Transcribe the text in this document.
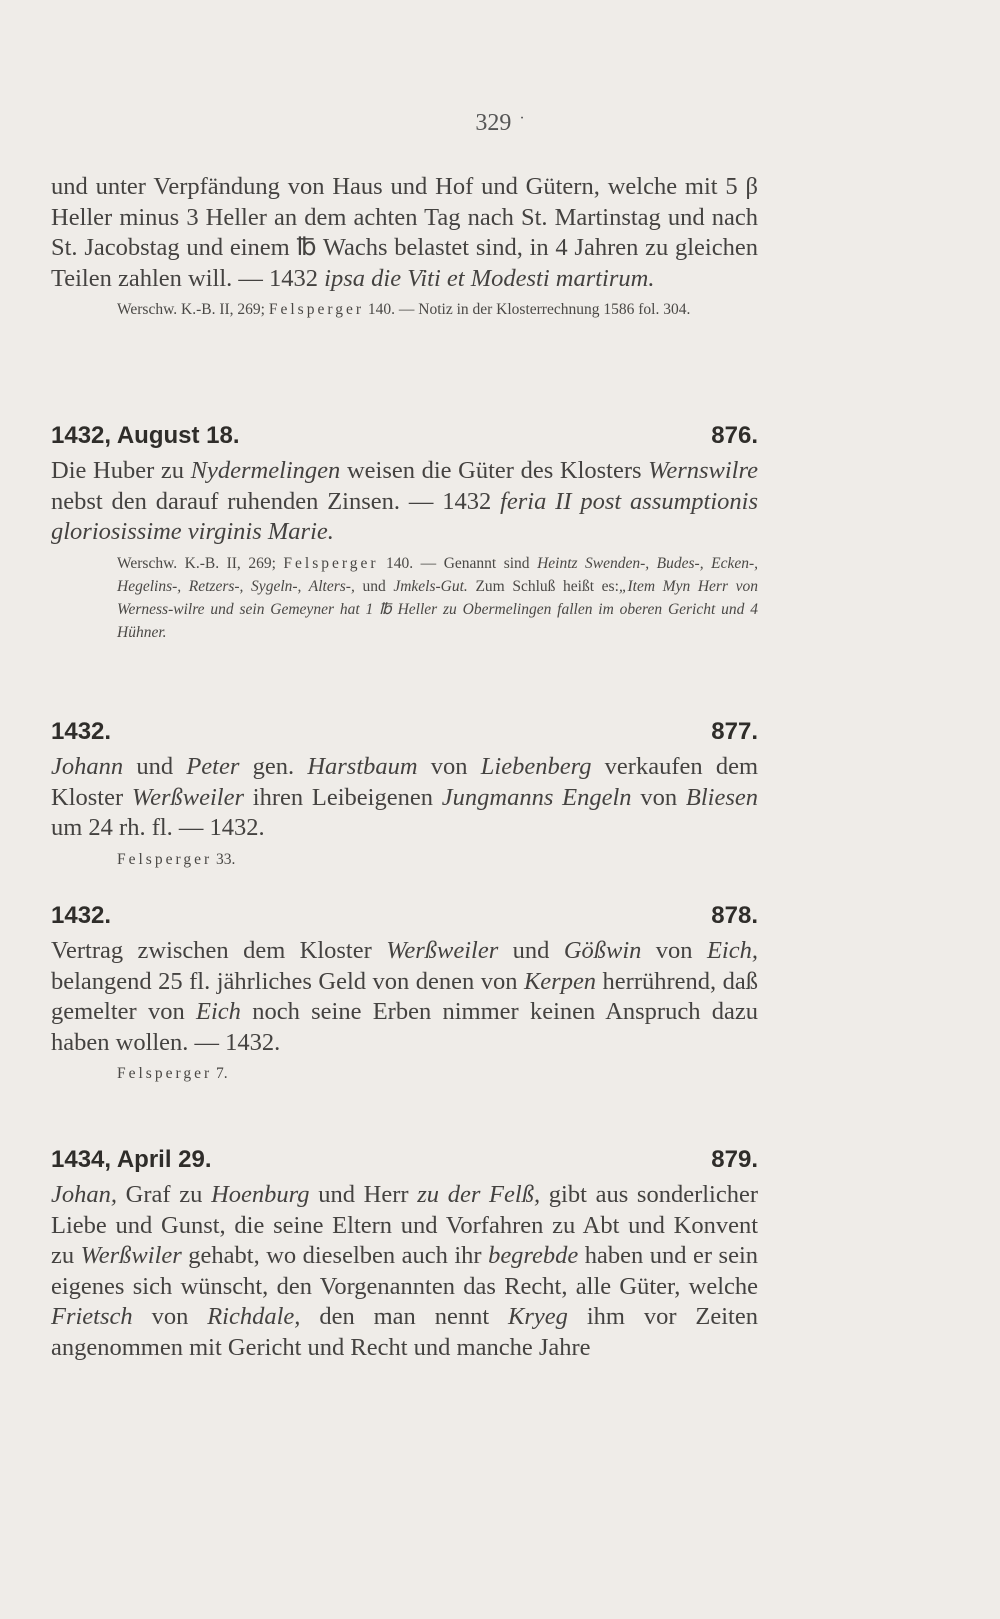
329 ·

und unter Verpfändung von Haus und Hof und Gütern, welche mit 5 β Heller minus 3 Heller an dem achten Tag nach St. Martinstag und nach St. Jacobstag und einem ℔ Wachs belastet sind, in 4 Jahren zu gleichen Teilen zahlen will. — 1432 ipsa die Viti et Modesti martirum.

Werschw. K.-B. II, 269; Felsperger 140. — Notiz in der Klosterrechnung 1586 fol. 304.

1432, August 18.	876.

Die Huber zu Nydermelingen weisen die Güter des Klosters Wernswilre nebst den darauf ruhenden Zinsen. — 1432 feria II post assumptionis gloriosissime virginis Marie.

Werschw. K.-B. II, 269; Felsperger 140. — Genannt sind Heintz Swenden-, Budes-, Ecken-, Hegelins-, Retzers-, Sygeln-, Alters-, und Jmkels-Gut. Zum Schluß heißt es:„Item Myn Herr von Werness-wilre und sein Gemeyner hat 1 ℔ Heller zu Obermelingen fallen im oberen Gericht und 4 Hühner.

1432.	877.

Johann und Peter gen. Harstbaum von Liebenberg verkaufen dem Kloster Werßweiler ihren Leibeigenen Jungmanns Engeln von Bliesen um 24 rh. fl. — 1432.

Felsperger 33.

1432.	878.

Vertrag zwischen dem Kloster Werßweiler und Gößwin von Eich, belangend 25 fl. jährliches Geld von denen von Kerpen herrührend, daß gemelter von Eich noch seine Erben nimmer keinen Anspruch dazu haben wollen. — 1432.

Felsperger 7.

1434, April 29.	879.

Johan, Graf zu Hoenburg und Herr zu der Felß, gibt aus sonderlicher Liebe und Gunst, die seine Eltern und Vorfahren zu Abt und Konvent zu Werßwiler gehabt, wo dieselben auch ihr begrebde haben und er sein eigenes sich wünscht, den Vorgenannten das Recht, alle Güter, welche Frietsch von Richdale, den man nennt Kryeg ihm vor Zeiten angenommen mit Gericht und Recht und manche Jahre
